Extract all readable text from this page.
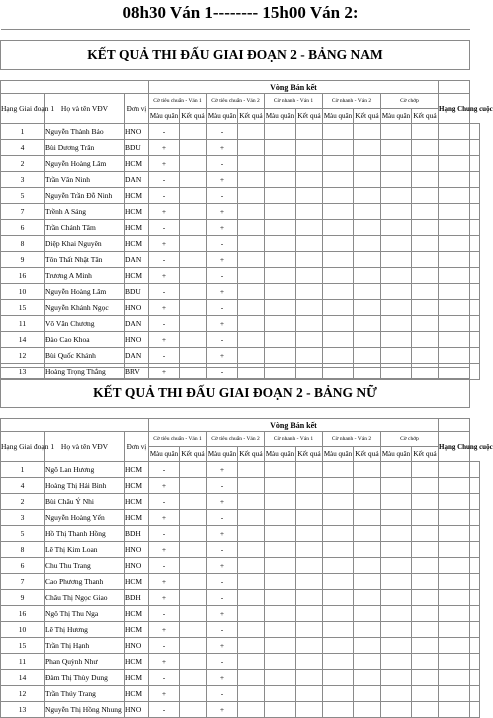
08h30 Ván 1-------- 15h00 Ván 2:

KẾT QUẢ THI ĐẤU GIAI ĐOẠN 2 - BẢNG NAM														

			Vòng Bán kết											
Hạng Giai đoạn 1	Họ và tên VĐV	Đơn vị	Cờ tiêu chuẩn - Ván 1		Cờ tiêu chuẩn - Ván 2		Cờ nhanh - Ván 1		Cờ nhanh - Ván 2		Cờ chớp		Hạng Chung cuộc	
			Màu quân	Kết quả	Màu quân	Kết quả	Màu quân	Kết quả	Màu quân	Kết quả	Màu quân	Kết quả		
1	Nguyễn Thành Bảo	HNO	-		-									
4	Bùi Dương Trân	BDU	+		+									
2	Nguyễn Hoàng Lâm	HCM	+		-									
3	Trần Văn Ninh	DAN	-		+									
5	Nguyễn Trần Đỗ Ninh	HCM	-		-									
7	Trềnh A Sáng	HCM	+		+									
6	Trần Chánh Tâm	HCM	-		+									
8	Diệp Khai Nguyên	HCM	+		-									
9	Tôn Thất Nhật Tân	DAN	-		+									
16	Trương A Minh	HCM	+		-									
10	Nguyễn Hoàng Lâm	BDU	-		+									
15	Nguyễn Khánh Ngọc	HNO	+		-									
11	Võ Văn Chương	DAN	-		+									
14	Đào Cao Khoa	HNO	+		-									
12	Bùi Quốc Khánh	DAN	-		+									
13	Hoàng Trọng Thắng	BRV	+		-									

KẾT QUẢ THI ĐẤU GIAI ĐOẠN 2 - BẢNG NỮ														

			Vòng Bán kết											
Hạng Giai đoạn 1	Họ và tên VĐV	Đơn vị	Cờ tiêu chuẩn - Ván 1		Cờ tiêu chuẩn - Ván 2		Cờ nhanh - Ván 1		Cờ nhanh - Ván 2		Cờ chớp		Hạng Chung cuộc	
			Màu quân	Kết quả	Màu quân	Kết quả	Màu quân	Kết quả	Màu quân	Kết quả	Màu quân	Kết quả		
1	Ngô Lan Hương	HCM	-		+									
4	Hoàng Thị Hải Bình	HCM	+		-									
2	Bùi Châu Ý Nhi	HCM	-		+									
3	Nguyễn Hoàng Yến	HCM	+		-									
5	Hồ Thị Thanh Hồng	BDH	-		+									
8	Lê Thị Kim Loan	HNO	+		-									
6	Chu Thu Trang	HNO	-		+									
7	Cao Phương Thanh	HCM	+		-									
9	Châu Thị Ngọc Giao	BDH	+		-									
16	Ngô Thị Thu Nga	HCM	-		+									
10	Lê Thị Hương	HCM	+		-									
15	Trần Thị Hạnh	HNO	-		+									
11	Phan Quỳnh Như	HCM	+		-									
14	Đàm Thị Thùy Dung	HCM	-		+									
12	Trần Thúy Trang	HCM	+		-									
13	Nguyễn Thị Hồng Nhung	HNO	-		+									
